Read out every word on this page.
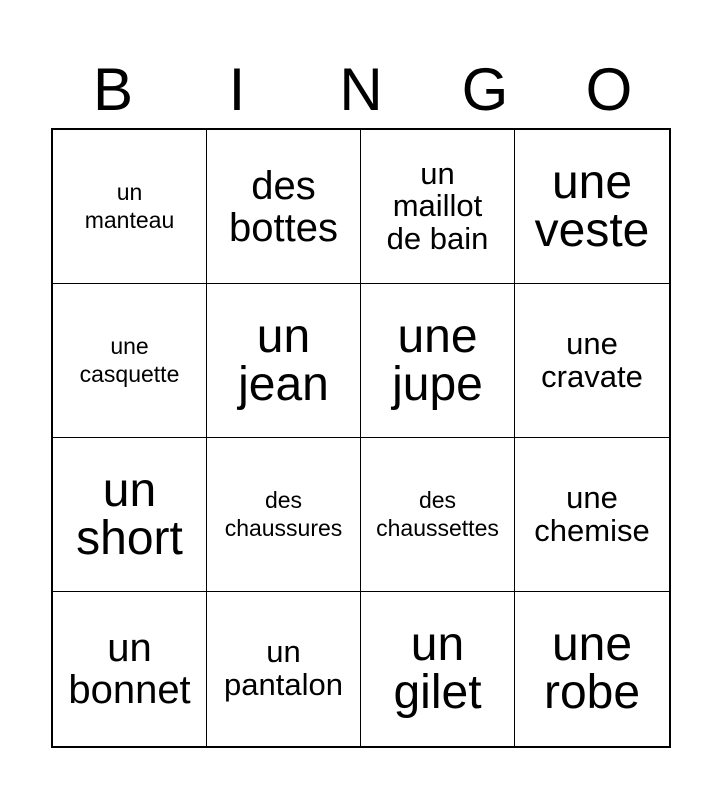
B	I	N	G	O
un
manteau
des
bottes
un
maillot
de bain
une
veste
une
casquette
un
jean
une
jupe
une
cravate
un
short
des
chaussures
des
chaussettes
une
chemise
un
bonnet
un
pantalon
un
gilet
une
robe
